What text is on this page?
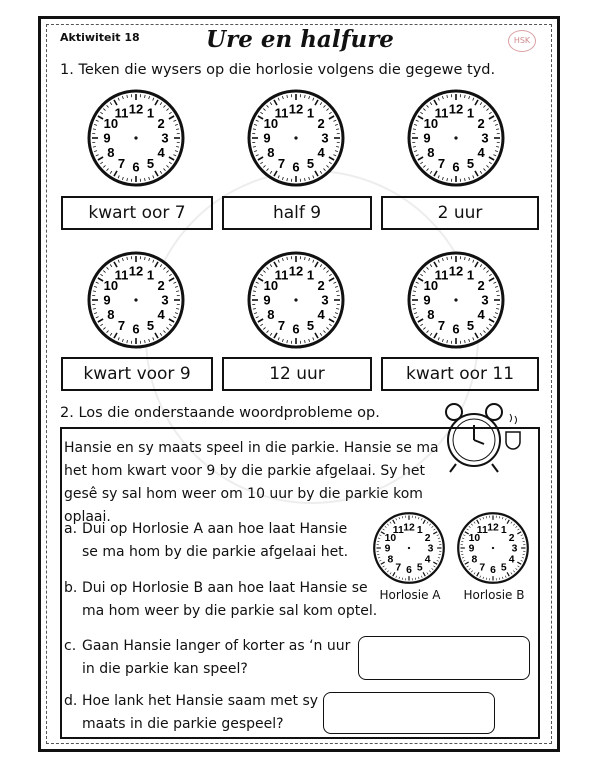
Aktiwiteit 18	Ure en halfure	HSK
1. Teken die wysers op die horlosie volgens die gegewe tyd.
12 1
2
3
4
5
6
7
8
9
10
11	12 1
2
3
4
5
6
7
8
9
10
11	12 1
2
3
4
5
6
7
8
9
10
11
kwart oor 7	half 9	2 uur
12 1
2
3
4
5
6
7
8
9
10
11	12 1
2
3
4
5
6
7
8
9
10
11	12 1
2
3
4
5
6
7
8
9
10
11
kwart voor 9	12 uur	kwart oor 11
2. Los die onderstaande woordprobleme op.
Hansie en sy maats speel in die parkie. Hansie se ma
het hom kwart voor 9 by die parkie afgelaai. Sy het
gesê sy sal hom weer om 10 uur by die parkie kom oplaai.
a. Dui op Horlosie A aan hoe laat Hansie
se ma hom by die parkie afgelaai het.
b. Dui op Horlosie B aan hoe laat Hansie se
ma hom weer by die parkie sal kom optel.
c. Gaan Hansie langer of korter as ‘n uur
in die parkie kan speel?
d. Hoe lank het Hansie saam met sy
maats in die parkie gespeel?
12 1
2
3
4
5
6
7
8
9
10
11	12 1
2
3
4
5
6
7
8
9
10
11
Horlosie A	Horlosie B
